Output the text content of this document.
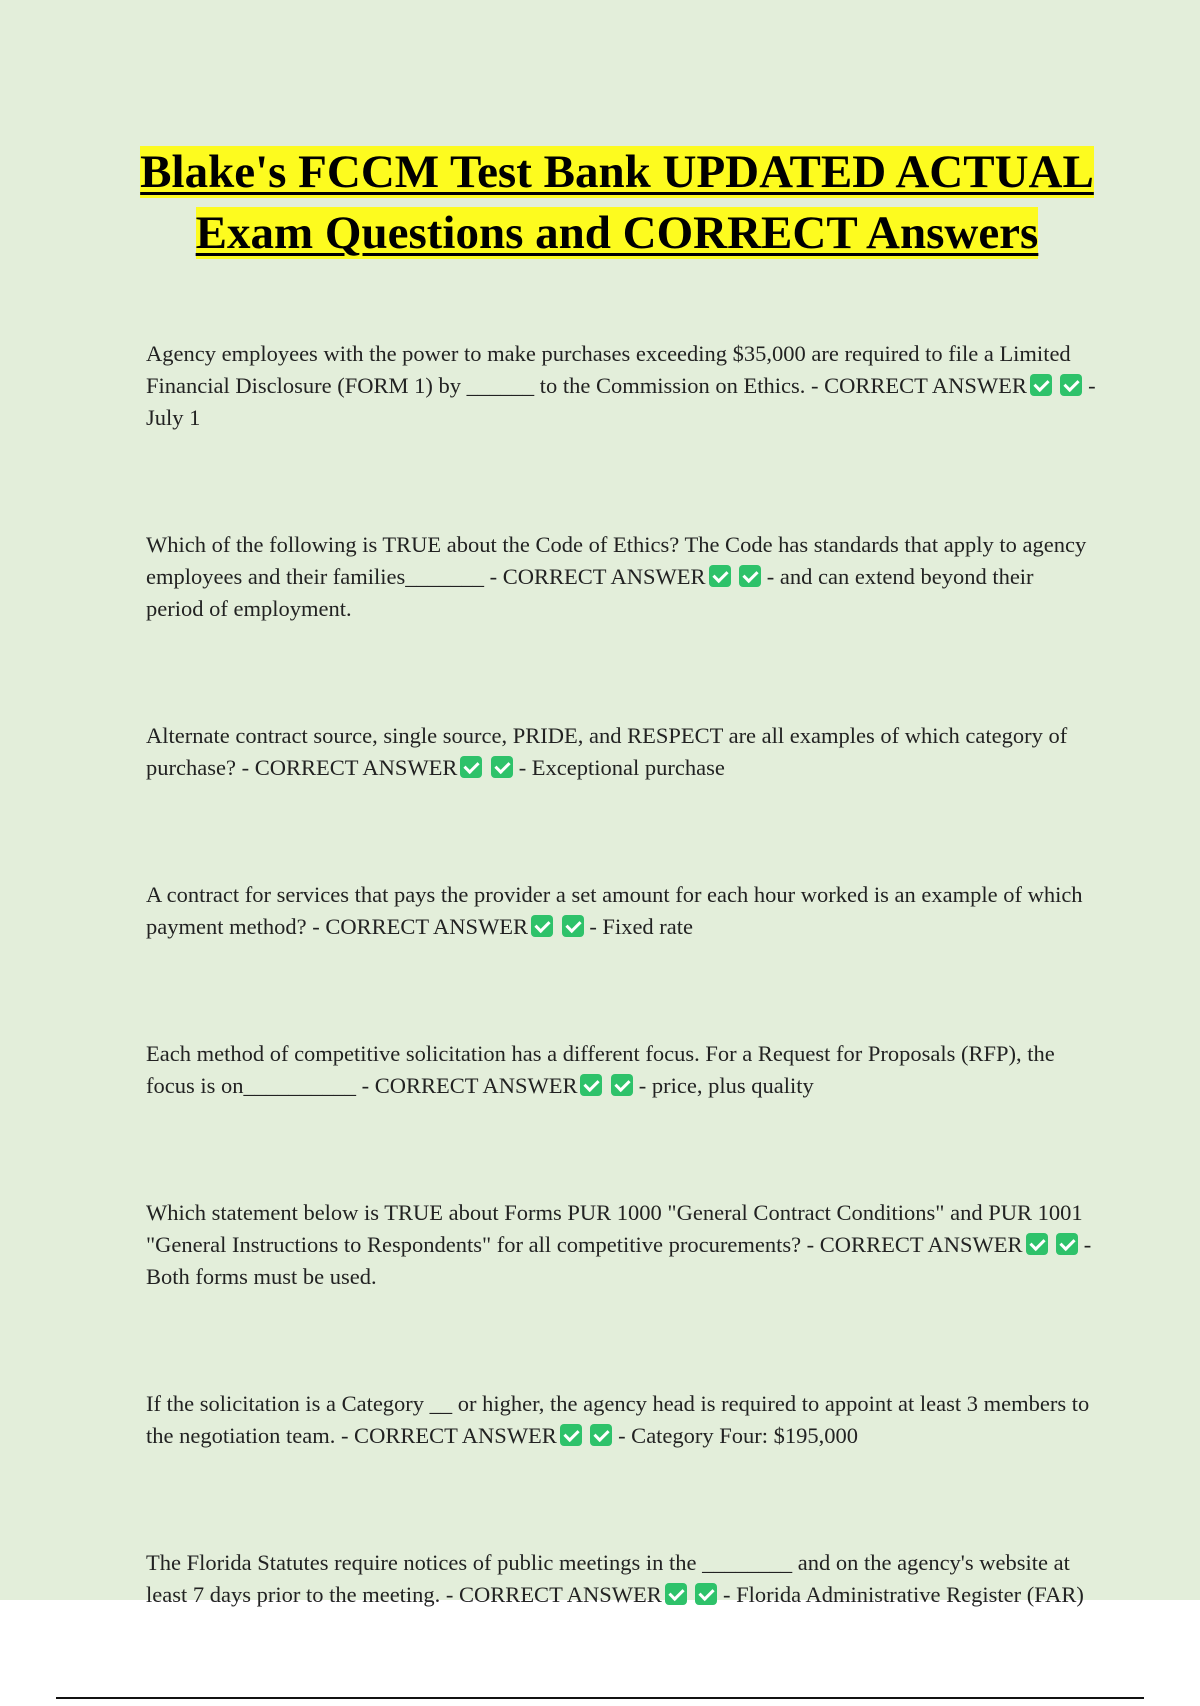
Blake's FCCM Test Bank UPDATED ACTUAL Exam Questions and CORRECT Answers

Agency employees with the power to make purchases exceeding $35,000 are required to file a Limited Financial Disclosure (FORM 1) by ______ to the Commission on Ethics. - CORRECT ANSWER  - July 1

Which of the following is TRUE about the Code of Ethics? The Code has standards that apply to agency employees and their families_______ - CORRECT ANSWER  - and can extend beyond their period of employment.

Alternate contract source, single source, PRIDE, and RESPECT are all examples of which category of purchase? - CORRECT ANSWER  - Exceptional purchase

A contract for services that pays the provider a set amount for each hour worked is an example of which payment method? - CORRECT ANSWER  - Fixed rate

Each method of competitive solicitation has a different focus. For a Request for Proposals (RFP), the focus is on__________ - CORRECT ANSWER  - price, plus quality

Which statement below is TRUE about Forms PUR 1000 "General Contract Conditions" and PUR 1001 "General Instructions to Respondents" for all competitive procurements? - CORRECT ANSWER  - Both forms must be used.

If the solicitation is a Category __ or higher, the agency head is required to appoint at least 3 members to the negotiation team. - CORRECT ANSWER  - Category Four: $195,000

The Florida Statutes require notices of public meetings in the ________ and on the agency's website at least 7 days prior to the meeting. - CORRECT ANSWER  - Florida Administrative Register (FAR)
